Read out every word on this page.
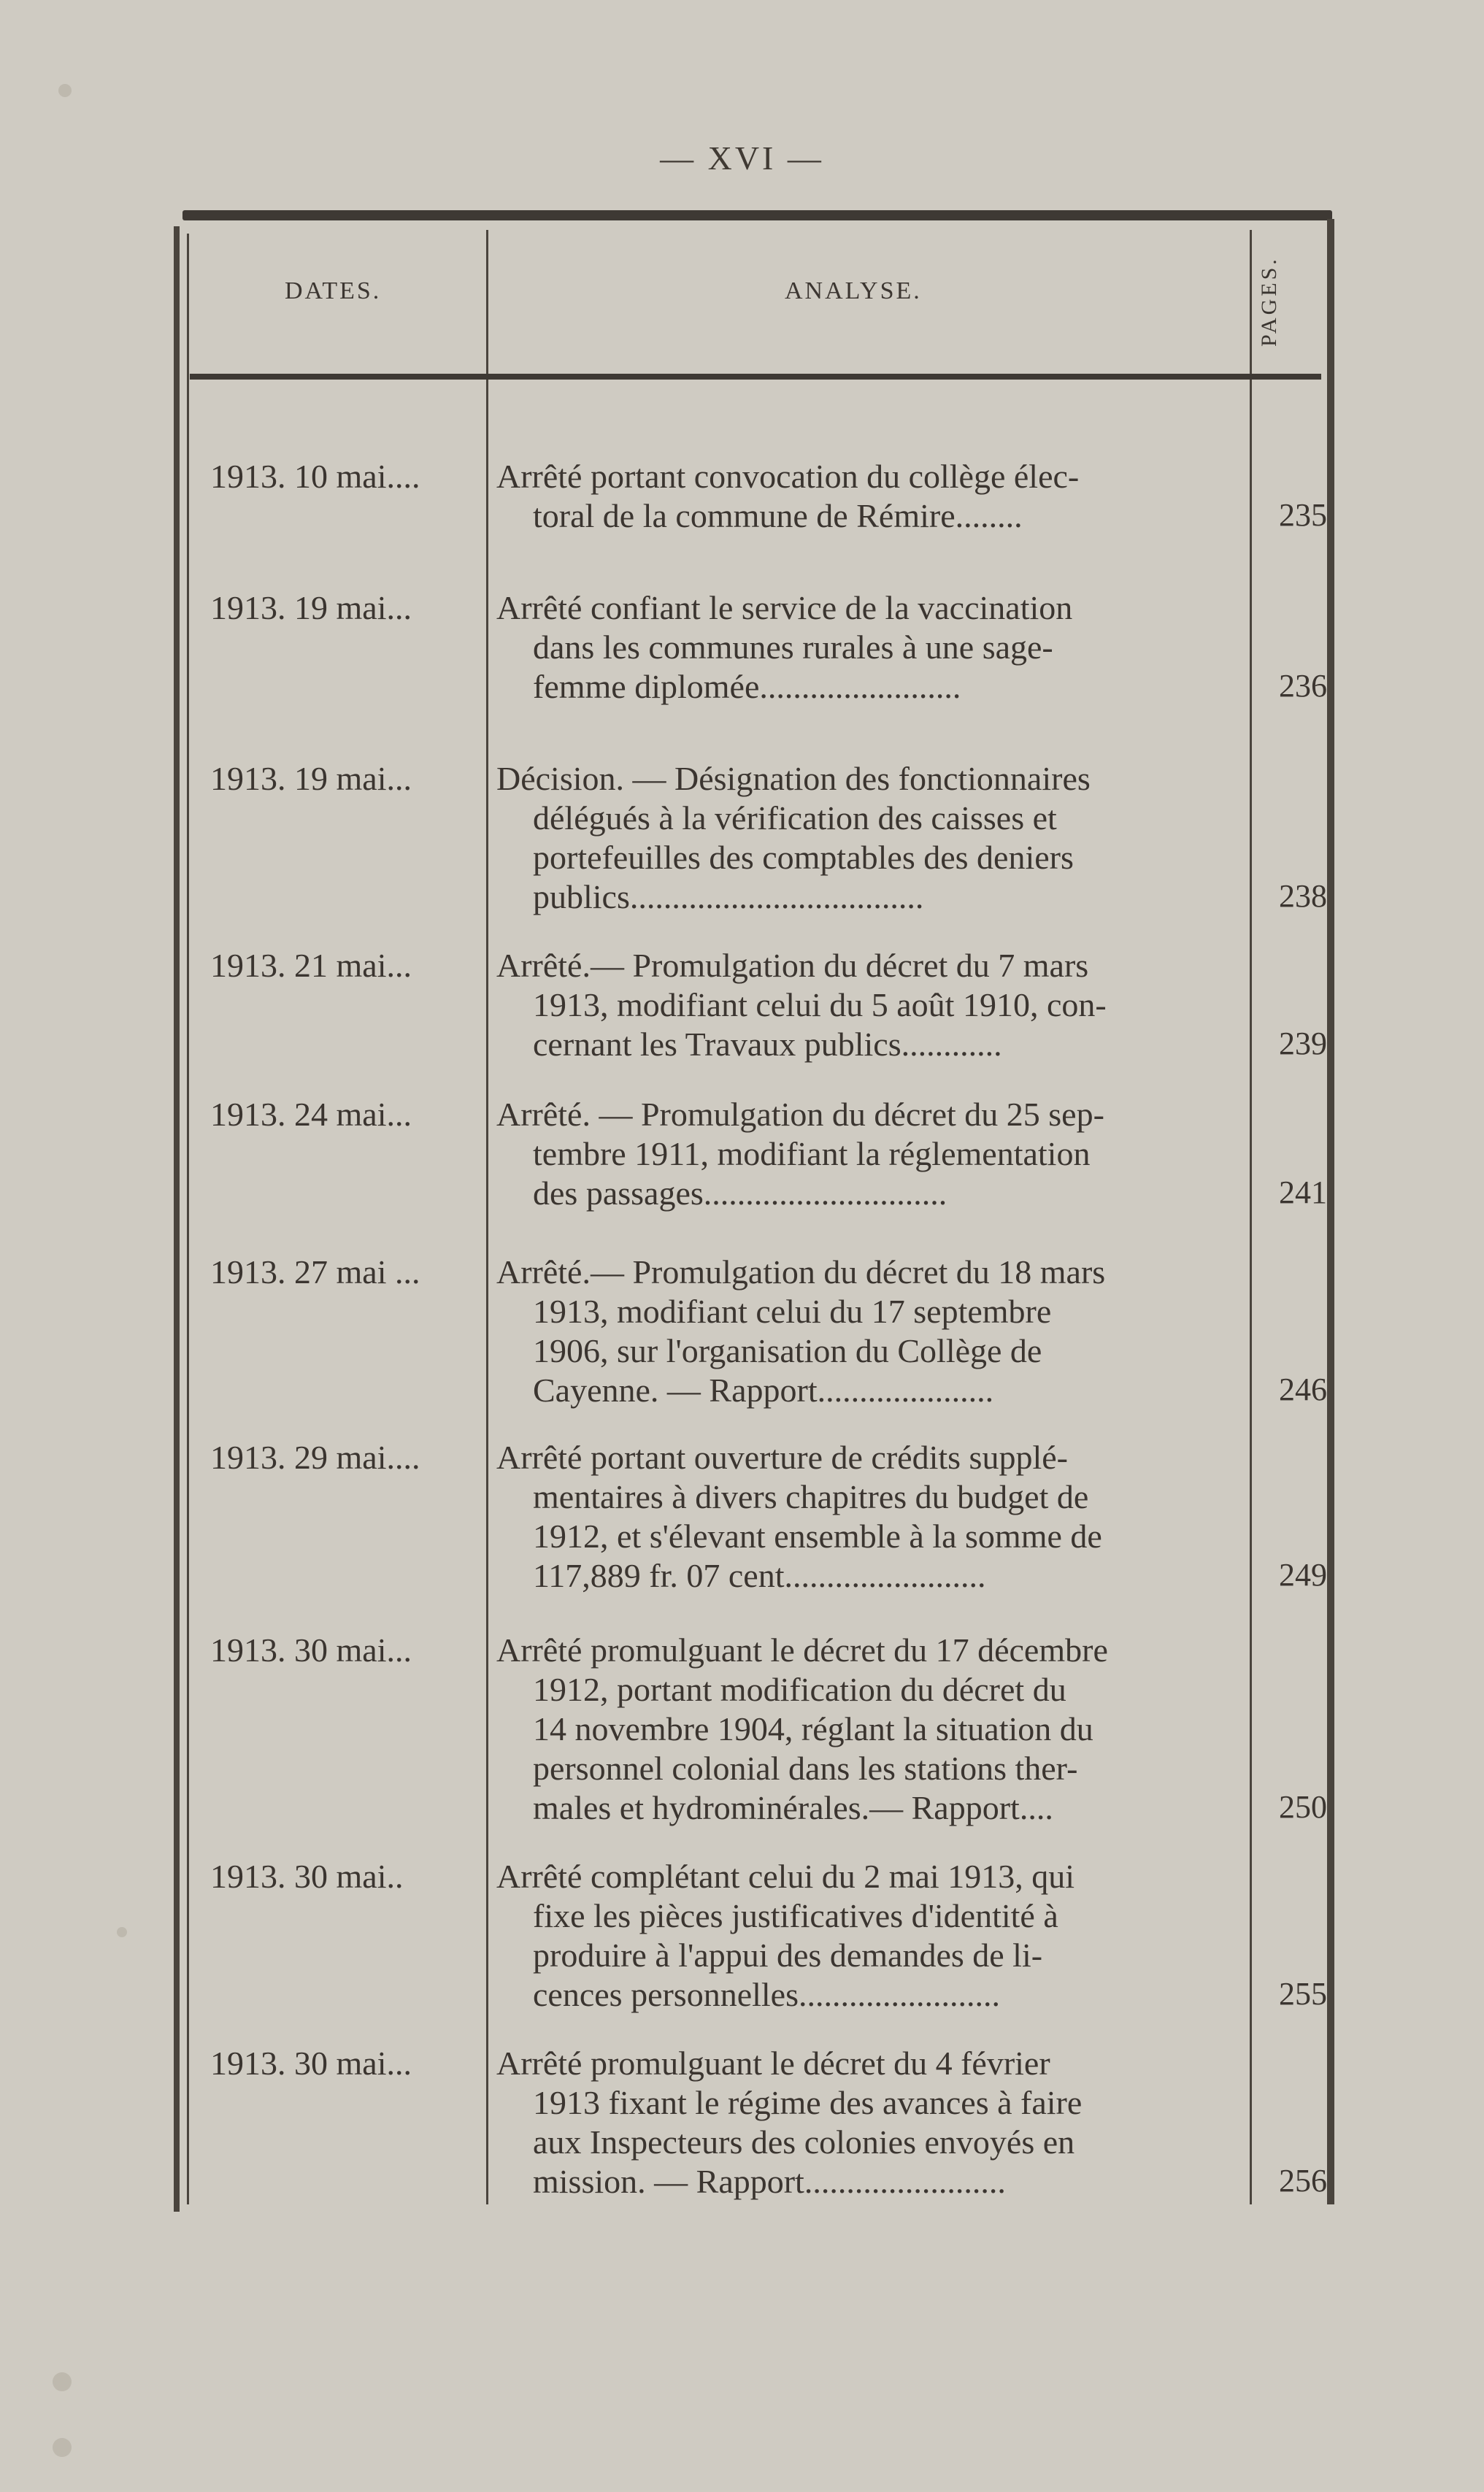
— XVI —
DATES.	ANALYSE.	PAGES.
1913. 10 mai.... Arrêté portant convocation du collège élec-
toral de la commune de Rémire........	235
1913. 19 mai...	Arrêté confiant le service de la vaccination
dans les communes rurales à une sage-
femme diplomée........................	236
1913. 19 mai...	Décision. — Désignation des fonctionnaires
délégués à la vérification des caisses et
portefeuilles des comptables des deniers
publics...................................	238
1913. 21 mai...	Arrêté.— Promulgation du décret du 7 mars
1913, modifiant celui du 5 août 1910, con-
cernant les Travaux publics............	239
1913. 24 mai...	Arrêté. — Promulgation du décret du 25 sep-
tembre 1911, modifiant la réglementation
des passages.............................	241
1913. 27 mai ... Arrêté.— Promulgation du décret du 18 mars
1913, modifiant celui du 17 septembre
1906, sur l'organisation du Collège de
Cayenne. — Rapport.....................	246
1913. 29 mai.... Arrêté portant ouverture de crédits supplé-
mentaires à divers chapitres du budget de
1912, et s'élevant ensemble à la somme de
117,889 fr. 07 cent........................	249
1913. 30 mai...	Arrêté promulguant le décret du 17 décembre
1912, portant modification du décret du
14 novembre 1904, réglant la situation du
personnel colonial dans les stations ther-
males et hydrominérales.— Rapport....	250
1913. 30 mai..	Arrêté complétant celui du 2 mai 1913, qui
fixe les pièces justificatives d'identité à
produire à l'appui des demandes de li-
cences personnelles........................	255
1913. 30 mai...	Arrêté promulguant le décret du 4 février
1913 fixant le régime des avances à faire
aux Inspecteurs des colonies envoyés en
mission. — Rapport........................	256
